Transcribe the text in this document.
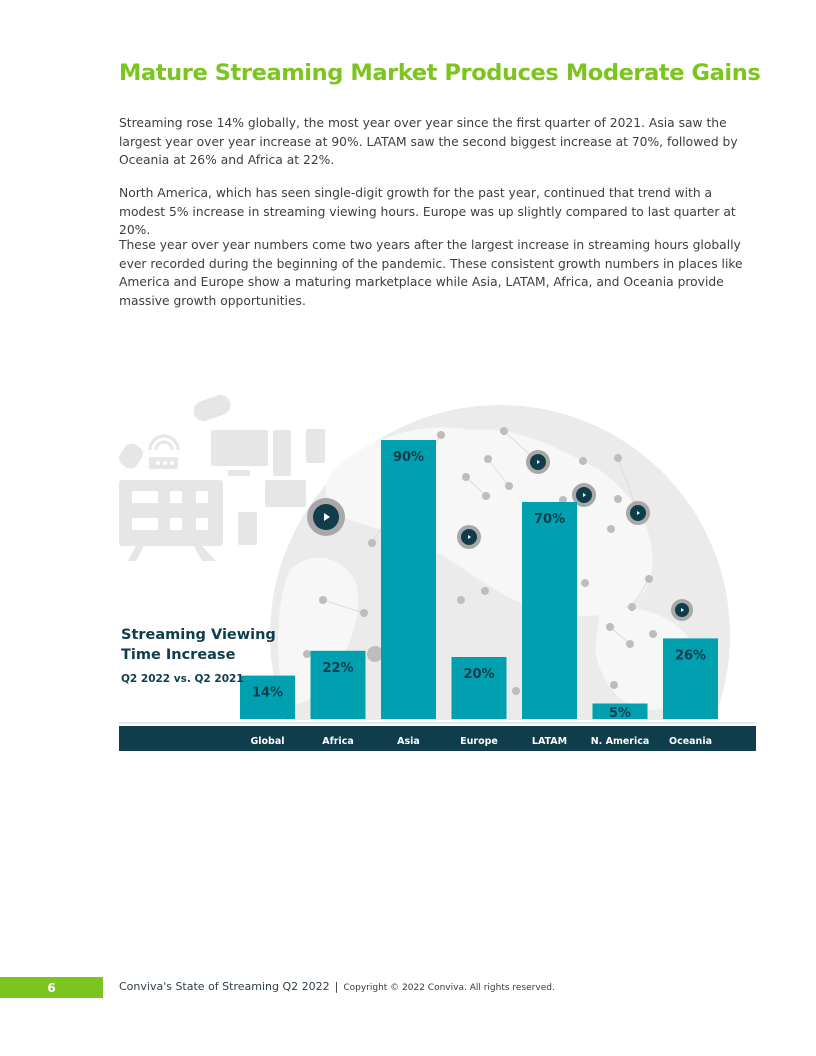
Mature Streaming Market Produces Moderate Gains

Streaming rose 14% globally, the most year over year since the first quarter of 2021. Asia saw the largest year over year increase at 90%. LATAM saw the second biggest increase at 70%, followed by Oceania at 26% and Africa at 22%.

North America, which has seen single-digit growth for the past year, continued that trend with a modest 5% increase in streaming viewing hours. Europe was up slightly compared to last quarter at 20%.

These year over year numbers come two years after the largest increase in streaming hours globally ever recorded during the beginning of the pandemic. These consistent growth numbers in places like America and Europe show a maturing marketplace while Asia, LATAM, Africa, and Oceania provide massive growth opportunities.

14%
22%
90%
20%
70%
5%
26%
Global	Africa	Asia	Europe	LATAM N. America Oceania

Streaming Viewing Time Increase

Q2 2022 vs. Q2 2021

6	Conviva's State of Streaming Q2 2022 | Copyright © 2022 Conviva. All rights reserved.
